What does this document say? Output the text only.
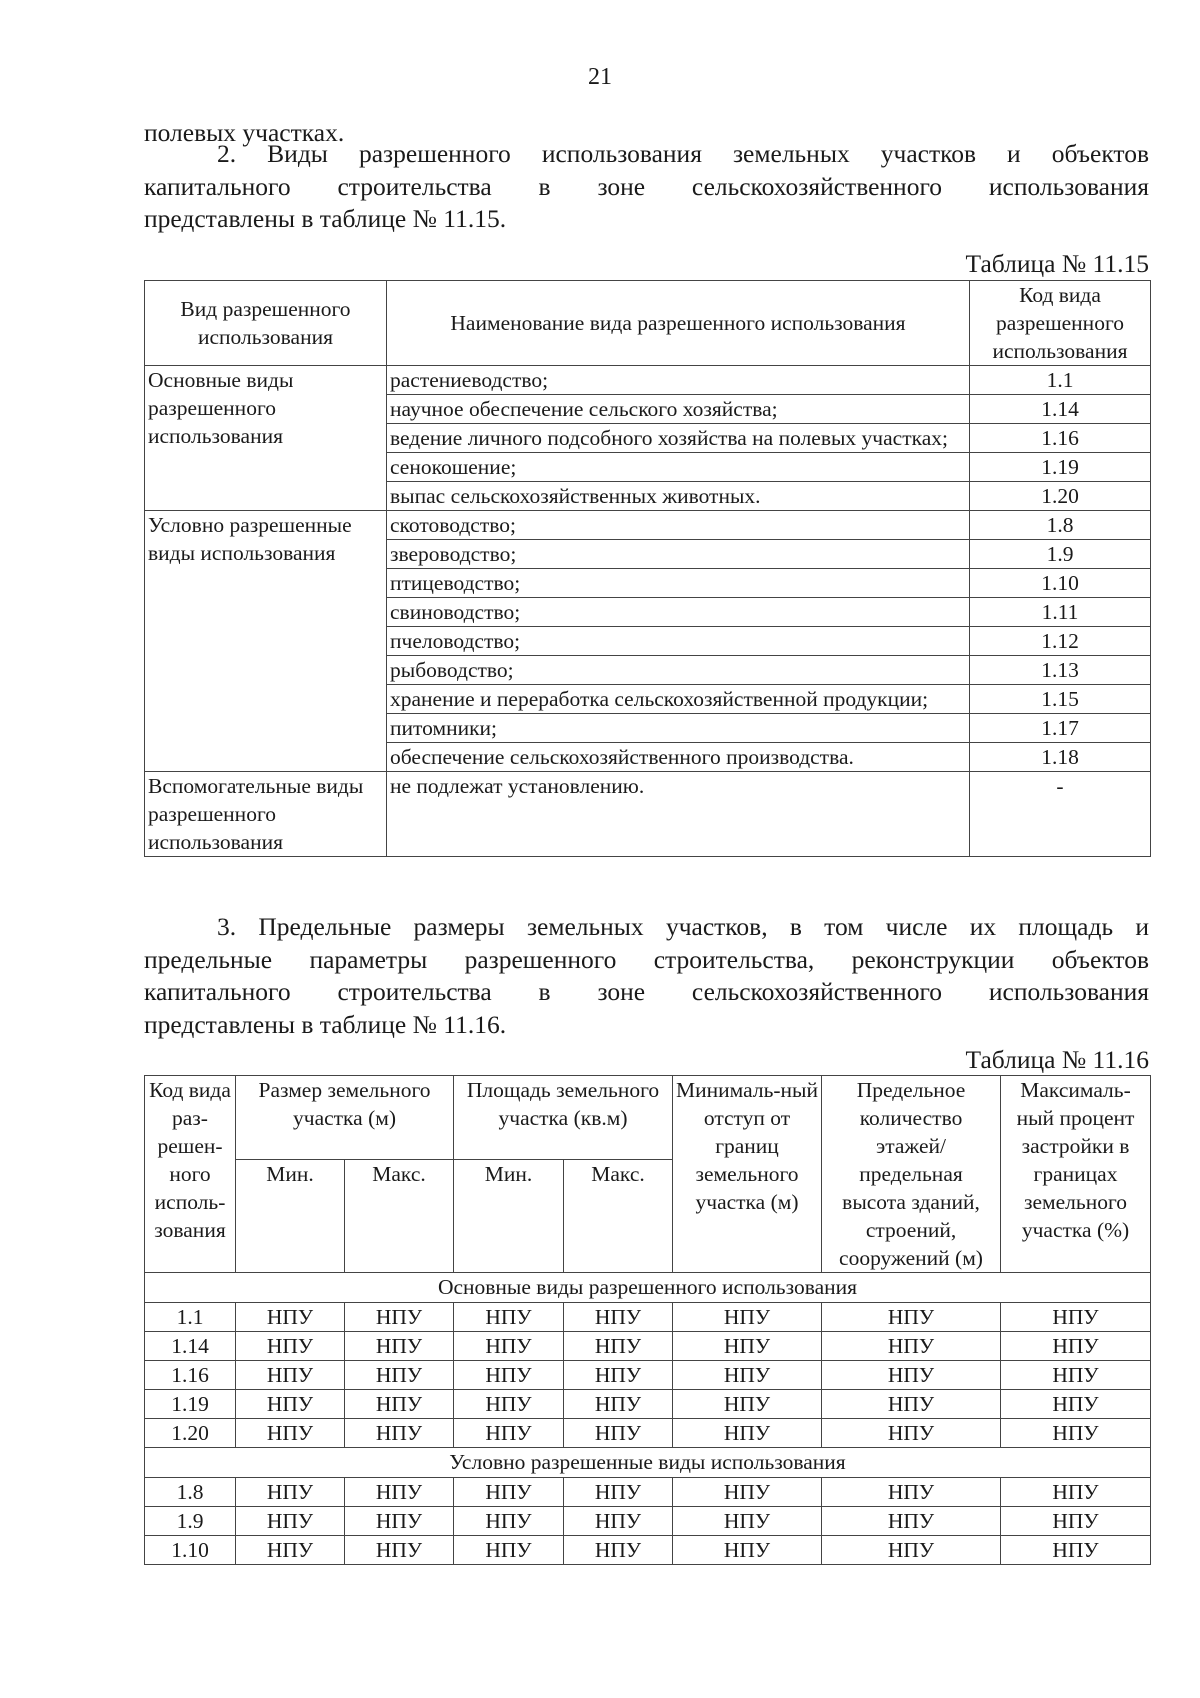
21

полевых участках.

2. Виды разрешенного использования земельных участков и объектов
капитального строительства в зоне сельскохозяйственного использования
представлены в таблице № 11.15.
Таблица № 11.15
Вид разрешенного использования	Наименование вида разрешенного использования	Код вида разрешенного использования
Основные виды разрешенного использования	растениеводство;	1.1
	научное обеспечение сельского хозяйства;	1.14
	ведение личного подсобного хозяйства на полевых участках;	1.16
	сенокошение;	1.19
	выпас сельскохозяйственных животных.	1.20
Условно разрешенные виды использования	скотоводство;	1.8
	звероводство;	1.9
	птицеводство;	1.10
	свиноводство;	1.11
	пчеловодство;	1.12
	рыбоводство;	1.13
	хранение и переработка сельскохозяйственной продукции;	1.15
	питомники;	1.17
	обеспечение сельскохозяйственного производства.	1.18
Вспомогательные виды разрешенного использования	не подлежат установлению.	-
3. Предельные размеры земельных участков, в том числе их площадь и
предельные параметры разрешенного строительства, реконструкции объектов
капитального строительства в зоне сельскохозяйственного использования
представлены в таблице № 11.16.
Таблица № 11.16
Код вида раз-решен-ного исполь-зования	Размер земельного участка (м)		Площадь земельного участка (кв.м)		Минималь-ный отступ от границ земельного участка (м)	Предельное количество этажей/ предельная высота зданий, строений, сооружений (м)	Максималь-ный процент застройки в границах земельного участка (%)
	Мин.	Макс.	Мин.	Макс.			
Основные виды разрешенного использования							
1.1	НПУ	НПУ	НПУ	НПУ	НПУ	НПУ	НПУ
1.14	НПУ	НПУ	НПУ	НПУ	НПУ	НПУ	НПУ
1.16	НПУ	НПУ	НПУ	НПУ	НПУ	НПУ	НПУ
1.19	НПУ	НПУ	НПУ	НПУ	НПУ	НПУ	НПУ
1.20	НПУ	НПУ	НПУ	НПУ	НПУ	НПУ	НПУ
Условно разрешенные виды использования							
1.8	НПУ	НПУ	НПУ	НПУ	НПУ	НПУ	НПУ
1.9	НПУ	НПУ	НПУ	НПУ	НПУ	НПУ	НПУ
1.10	НПУ	НПУ	НПУ	НПУ	НПУ	НПУ	НПУ
